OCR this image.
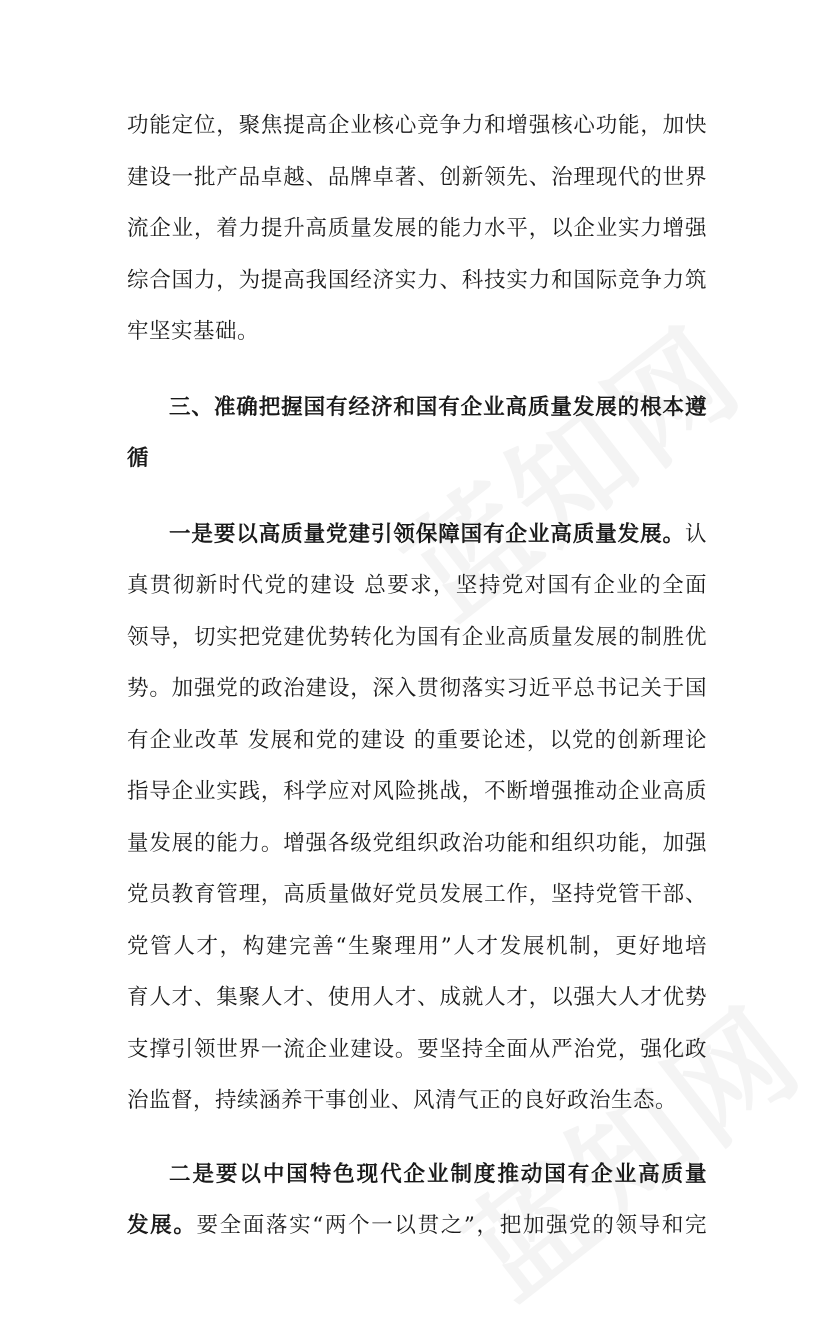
功能定位，聚焦提高企业核心竞争力和增强核心功能，加快
建设一批产品卓越、品牌卓著、创新领先、治理现代的世界
流企业，着力提升高质量发展的能力水平，以企业实力增强
综合国力，为提高我国经济实力、科技实力和国际竞争力筑
牢坚实基础。
三、准确把握国有经济和国有企业高质量发展的根本遵
循
一是要以高质量党建引领保障国有企业高质量发展。认
真贯彻新时代党的建设 总要求，坚持党对国有企业的全面
领导，切实把党建优势转化为国有企业高质量发展的制胜优
势。加强党的政治建设，深入贯彻落实习近平总书记关于国
有企业改革 发展和党的建设 的重要论述，以党的创新理论
指导企业实践，科学应对风险挑战，不断增强推动企业高质
量发展的能力。增强各级党组织政治功能和组织功能，加强
党员教育管理，高质量做好党员发展工作，坚持党管干部、
党管人才，构建完善“生聚理用”人才发展机制，更好地培
育人才、集聚人才、使用人才、成就人才，以强大人才优势
支撑引领世界一流企业建设。要坚持全面从严治党，强化政
治监督，持续涵养干事创业、风清气正的良好政治生态。
二是要以中国特色现代企业制度推动国有企业高质量
发展。要全面落实“两个一以贯之”，把加强党的领导和完
